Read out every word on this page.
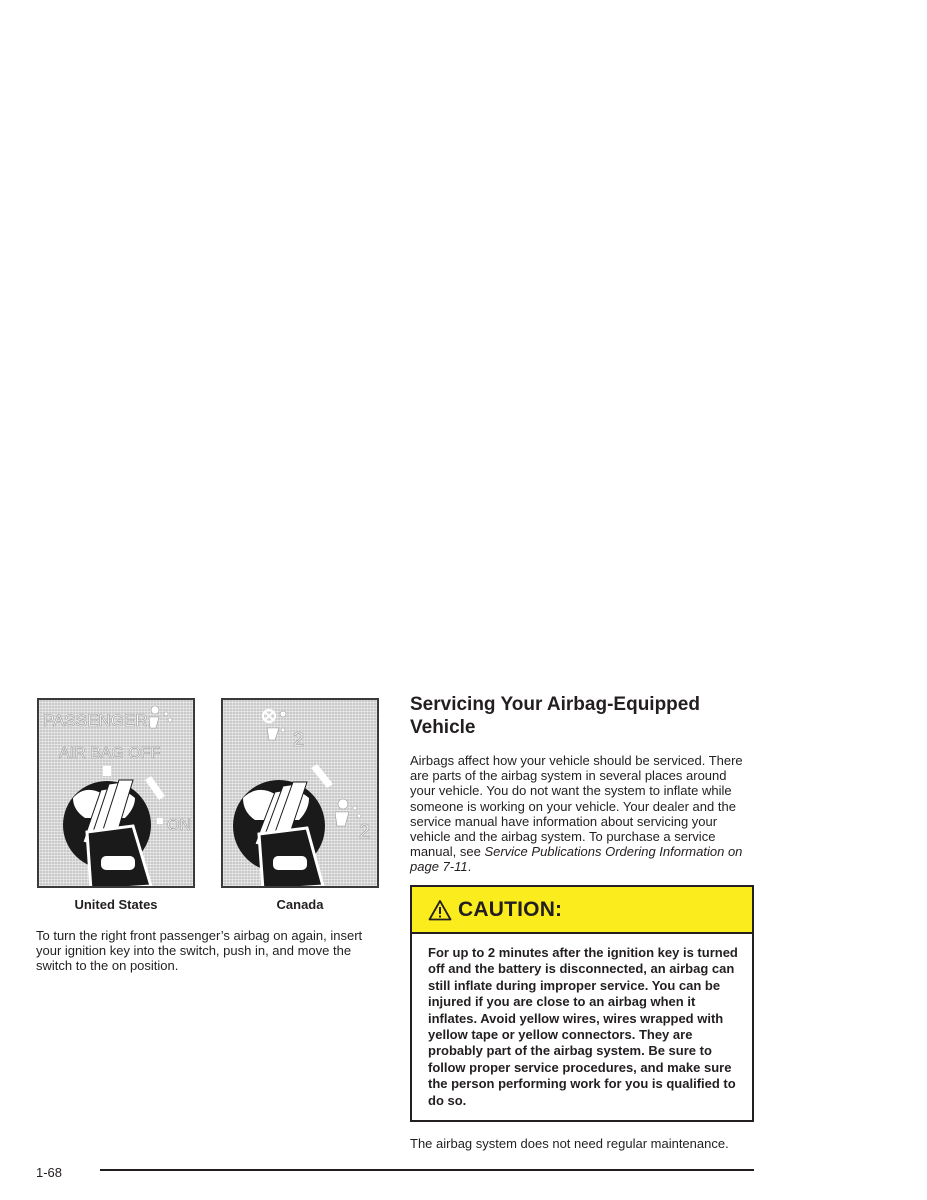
PASSENGER
AIR BAG OFF
ON
United States
2
2
Canada

To turn the right front passenger’s airbag on again, insert your ignition key into the switch, push in, and move the switch to the on position.

Servicing Your Airbag-Equipped Vehicle

Airbags affect how your vehicle should be serviced. There are parts of the airbag system in several places around your vehicle. You do not want the system to inflate while someone is working on your vehicle. Your dealer and the service manual have information about servicing your vehicle and the airbag system. To purchase a service manual, see Service Publications Ordering Information on page 7-11.

CAUTION:

For up to 2 minutes after the ignition key is turned off and the battery is disconnected, an airbag can still inflate during improper service. You can be injured if you are close to an airbag when it inflates. Avoid yellow wires, wires wrapped with yellow tape or yellow connectors. They are probably part of the airbag system. Be sure to follow proper service procedures, and make sure the person performing work for you is qualified to do so.

The airbag system does not need regular maintenance.

1-68
